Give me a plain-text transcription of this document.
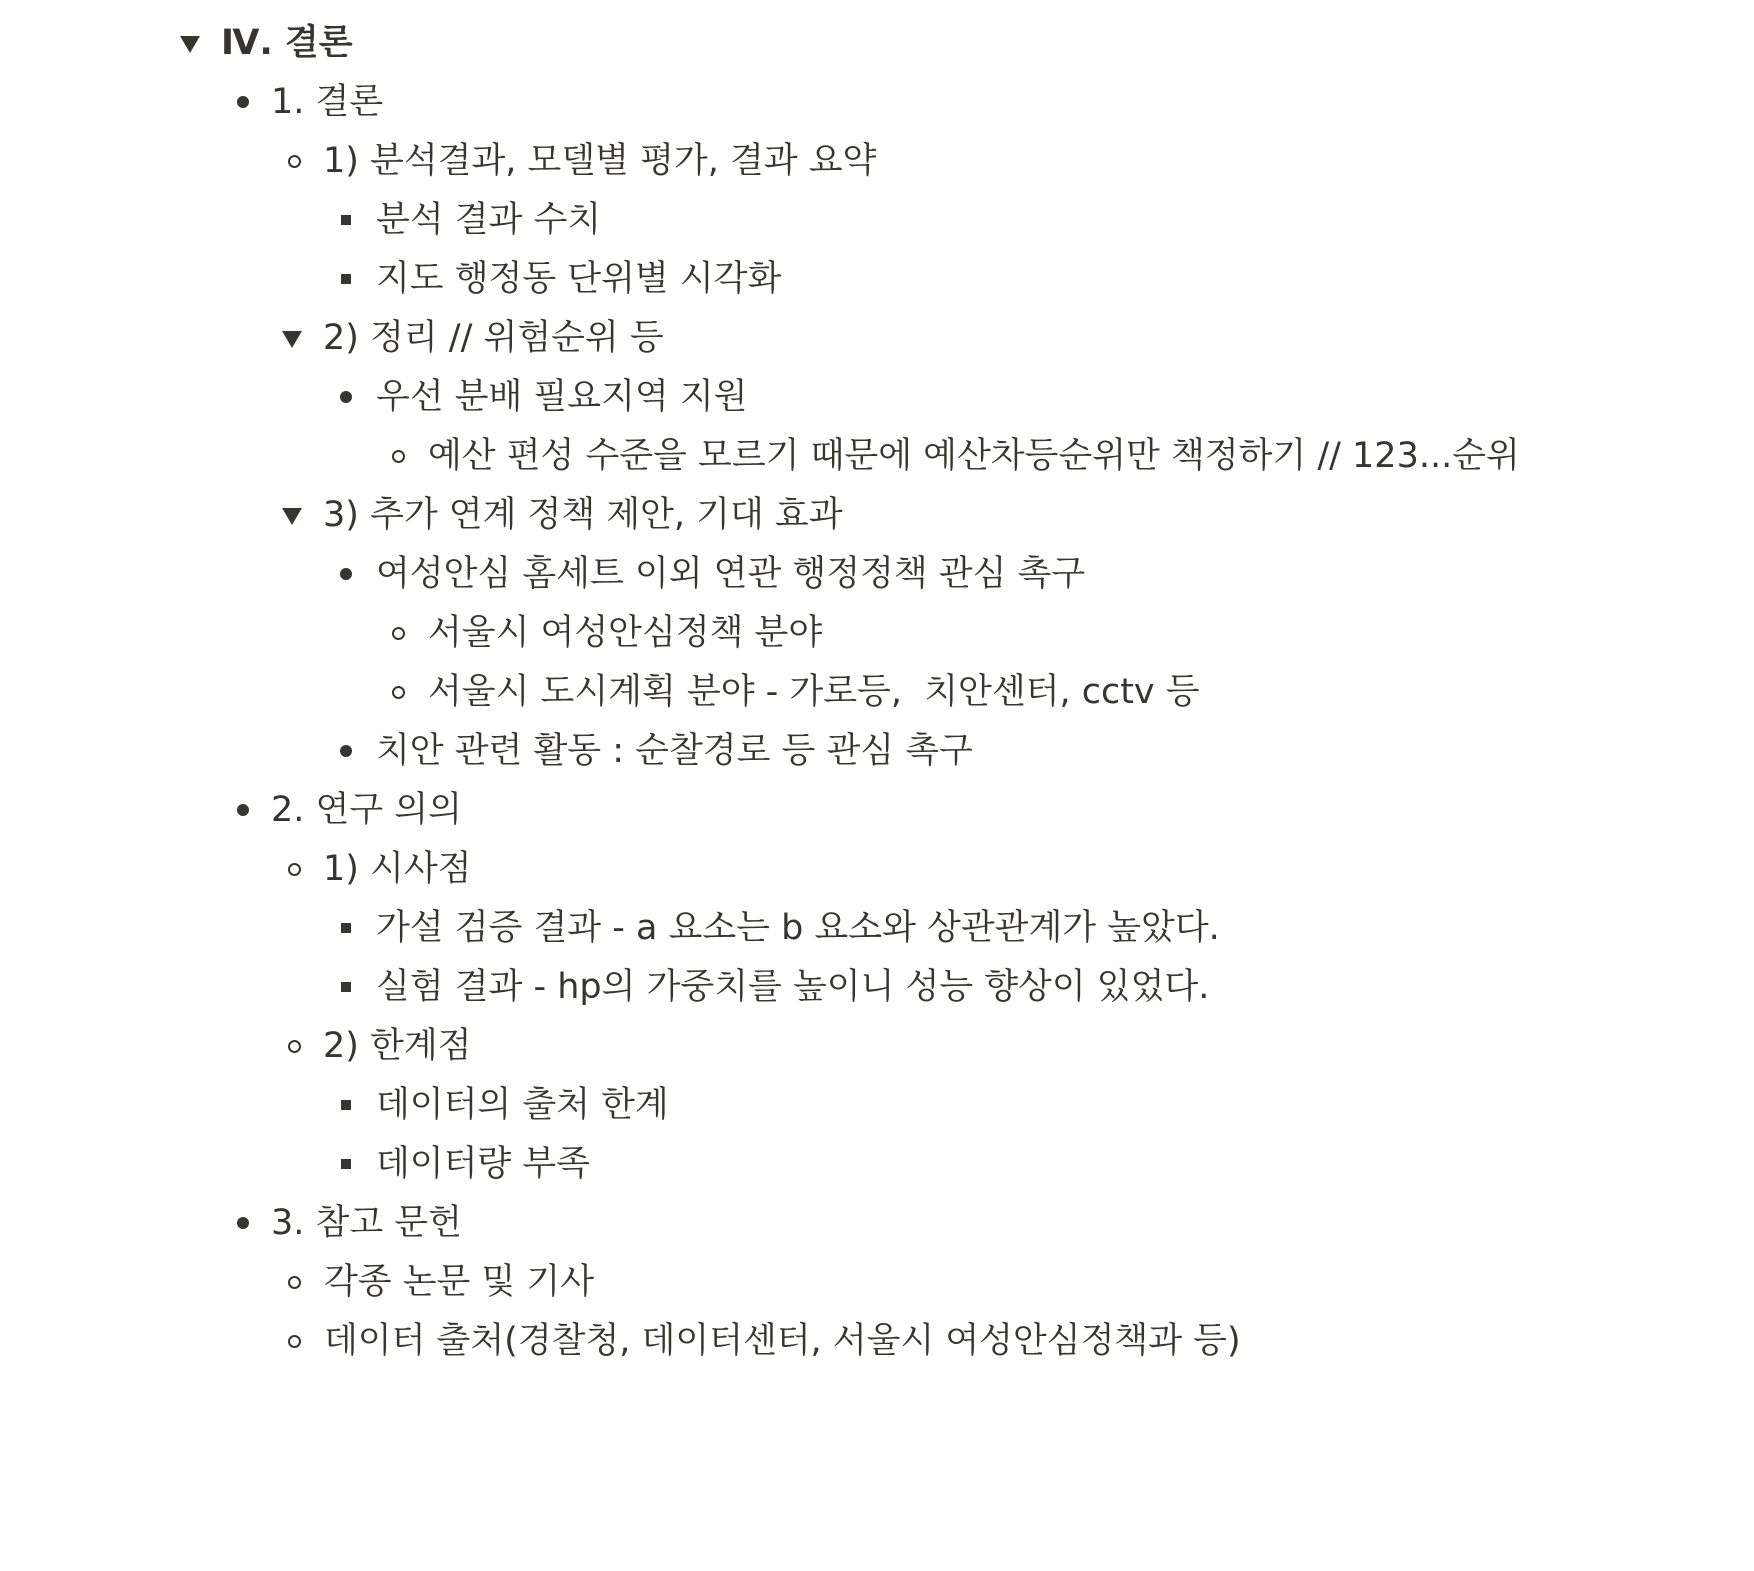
Ⅳ. 결론
1. 결론
1) 분석결과, 모델별 평가, 결과 요약
분석 결과 수치
지도 행정동 단위별 시각화
2) 정리 // 위험순위 등
우선 분배 필요지역 지원
예산 편성 수준을 모르기 때문에 예산차등순위만 책정하기 // 123...순위
3) 추가 연계 정책 제안, 기대 효과
여성안심 홈세트 이외 연관 행정정책 관심 촉구
서울시 여성안심정책 분야
서울시 도시계획 분야 - 가로등,  치안센터, cctv 등
치안 관련 활동 : 순찰경로 등 관심 촉구
2. 연구 의의
1) 시사점
가설 검증 결과 - a 요소는 b 요소와 상관관계가 높았다.
실험 결과 - hp의 가중치를 높이니 성능 향상이 있었다.
2) 한계점
데이터의 출처 한계
데이터량 부족
3. 참고 문헌
각종 논문 및 기사
데이터 출처(경찰청, 데이터센터, 서울시 여성안심정책과 등)
